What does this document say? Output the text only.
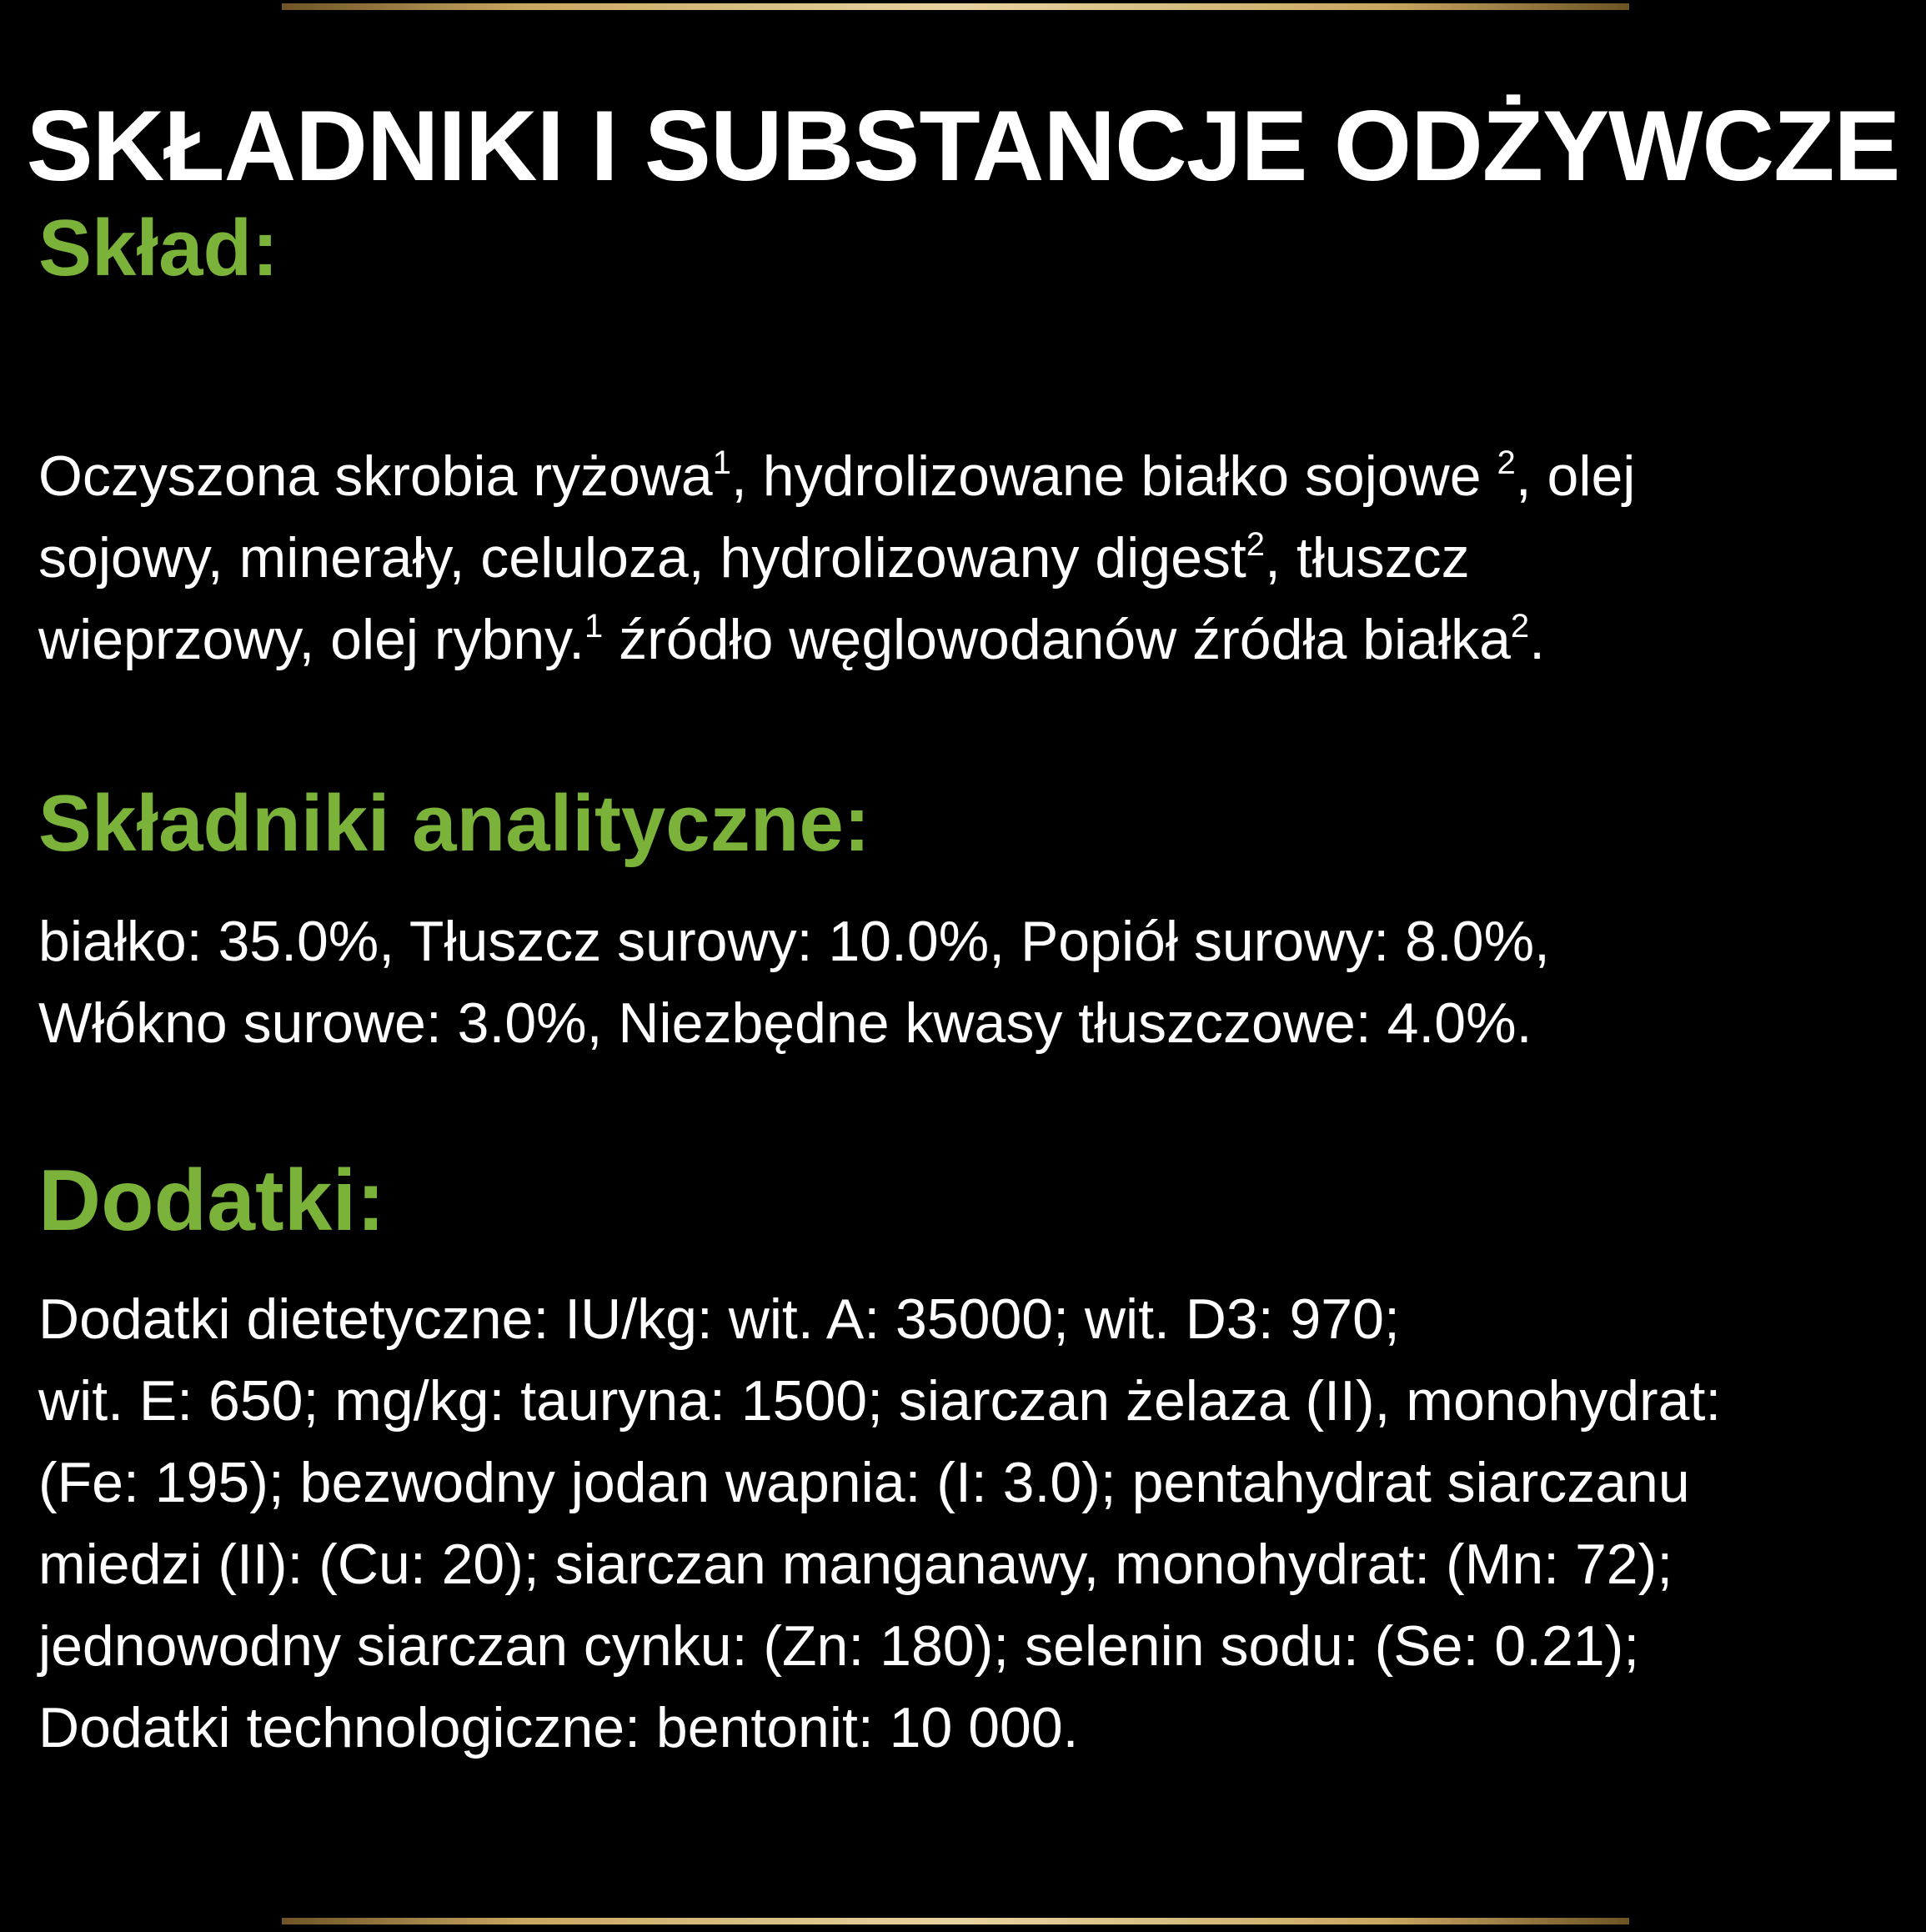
SKŁADNIKI I SUBSTANCJE ODŻYWCZE
Skład:
Oczyszona skrobia ryżowa$^1$, hydrolizowane białko sojowe $^2$, olej
sojowy, minerały, celuloza, hydrolizowany digest$^2$, tłuszcz
wieprzowy, olej rybny.$^1$ źródło węglowodanów źródła białka$^2$.
Składniki analityczne:
białko: 35.0%, Tłuszcz surowy: 10.0%, Popiół surowy: 8.0%,
Włókno surowe: 3.0%, Niezbędne kwasy tłuszczowe: 4.0%.
Dodatki:
Dodatki dietetyczne: IU/kg: wit. A: 35000; wit. D3: 970;
wit. E: 650; mg/kg: tauryna: 1500; siarczan żelaza (II), monohydrat:
(Fe: 195); bezwodny jodan wapnia: (I: 3.0); pentahydrat siarczanu
miedzi (II): (Cu: 20); siarczan manganawy, monohydrat: (Mn: 72);
jednowodny siarczan cynku: (Zn: 180); selenin sodu: (Se: 0.21);
Dodatki technologiczne: bentonit: 10 000.
